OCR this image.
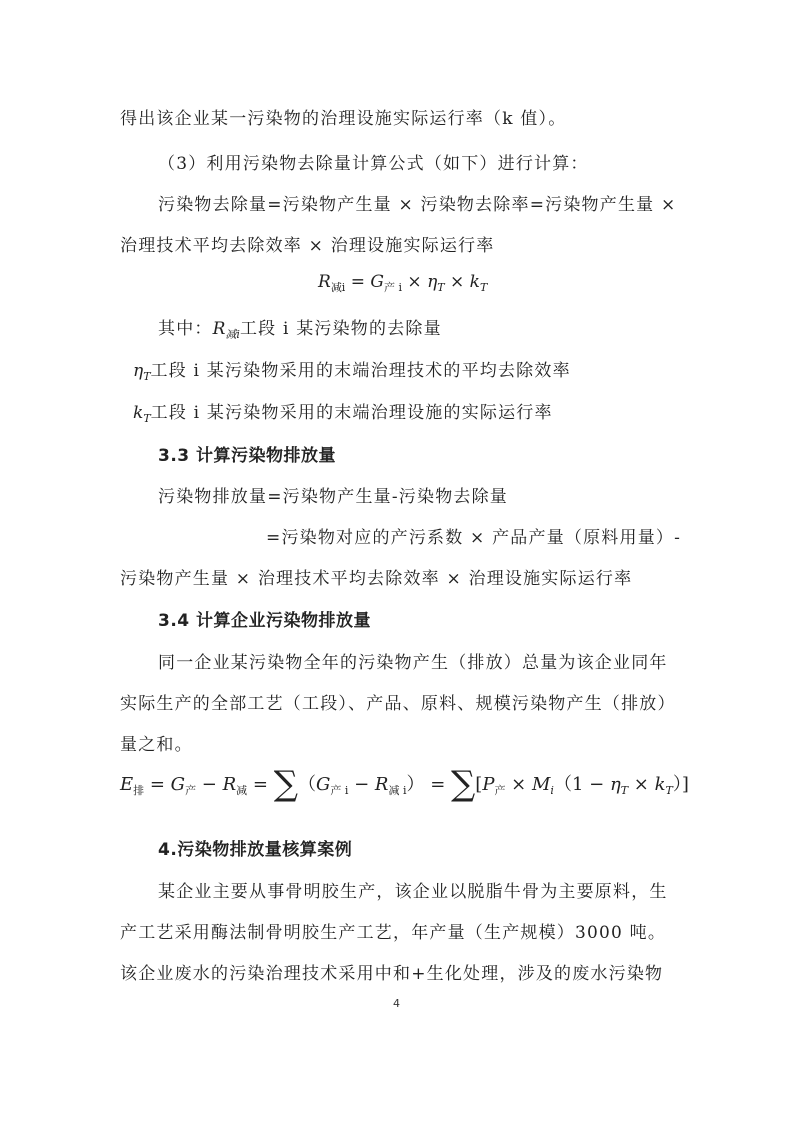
得出该企业某一污染物的治理设施实际运行率（k 值）。
（3）利用污染物去除量计算公式（如下）进行计算：
污染物去除量=污染物产生量 × 污染物去除率=污染物产生量 ×
治理技术平均去除效率 × 治理设施实际运行率
$R_{减i} = G_{产 i} \times \eta_T \times k_T$
其中：$R_{减i}$工段 i 某污染物的去除量
$\eta_T$工段 i 某污染物采用的末端治理技术的平均去除效率
$k_T$工段 i 某污染物采用的末端治理设施的实际运行率
3.3 计算污染物排放量
污染物排放量=污染物产生量-污染物去除量
=污染物对应的产污系数 × 产品产量（原料用量）-
污染物产生量 × 治理技术平均去除效率 × 治理设施实际运行率
3.4 计算企业污染物排放量
同一企业某污染物全年的污染物产生（排放）总量为该企业同年
实际生产的全部工艺（工段）、产品、原料、规模污染物产生（排放）
量之和。
$E_排 = G_产 - R_减 = \sum(G_{产 i} - R_{减 i}) = \sum[P_产 \times M_i(1 - \eta_T \times k_T)]$
4.污染物排放量核算案例
某企业主要从事骨明胶生产，该企业以脱脂牛骨为主要原料，生
产工艺采用酶法制骨明胶生产工艺，年产量（生产规模）3000 吨。
该企业废水的污染治理技术采用中和+生化处理，涉及的废水污染物
4
